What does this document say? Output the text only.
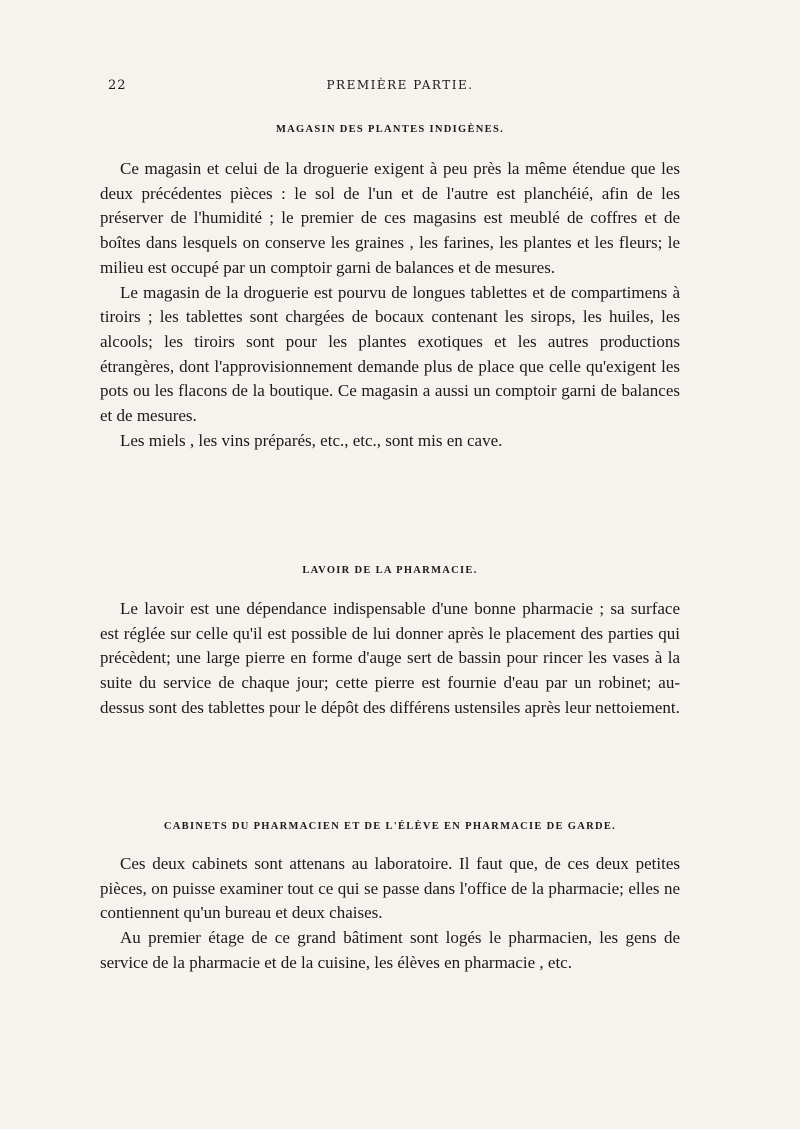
22	PREMIÈRE PARTIE.
MAGASIN DES PLANTES INDIGÈNES.

Ce magasin et celui de la droguerie exigent à peu près la même étendue que les deux précédentes pièces : le sol de l'un et de l'autre est planchéié, afin de les préserver de l'humidité ; le premier de ces magasins est meublé de coffres et de boîtes dans lesquels on conserve les graines , les farines, les plantes et les fleurs; le milieu est occupé par un comptoir garni de balances et de mesures.

Le magasin de la droguerie est pourvu de longues tablettes et de compartimens à tiroirs ; les tablettes sont chargées de bocaux contenant les sirops, les huiles, les alcools; les tiroirs sont pour les plantes exotiques et les autres productions étrangères, dont l'approvisionnement demande plus de place que celle qu'exigent les pots ou les flacons de la boutique. Ce magasin a aussi un comptoir garni de balances et de mesures.

Les miels , les vins préparés, etc., etc., sont mis en cave.

LAVOIR DE LA PHARMACIE.

Le lavoir est une dépendance indispensable d'une bonne pharmacie ; sa surface est réglée sur celle qu'il est possible de lui donner après le placement des parties qui précèdent; une large pierre en forme d'auge sert de bassin pour rincer les vases à la suite du service de chaque jour; cette pierre est fournie d'eau par un robinet; au-dessus sont des tablettes pour le dépôt des différens ustensiles après leur nettoiement.

CABINETS DU PHARMACIEN ET DE L'ÉLÈVE EN PHARMACIE DE GARDE.

Ces deux cabinets sont attenans au laboratoire. Il faut que, de ces deux petites pièces, on puisse examiner tout ce qui se passe dans l'office de la pharmacie; elles ne contiennent qu'un bureau et deux chaises.

Au premier étage de ce grand bâtiment sont logés le pharmacien, les gens de service de la pharmacie et de la cuisine, les élèves en pharmacie , etc.
